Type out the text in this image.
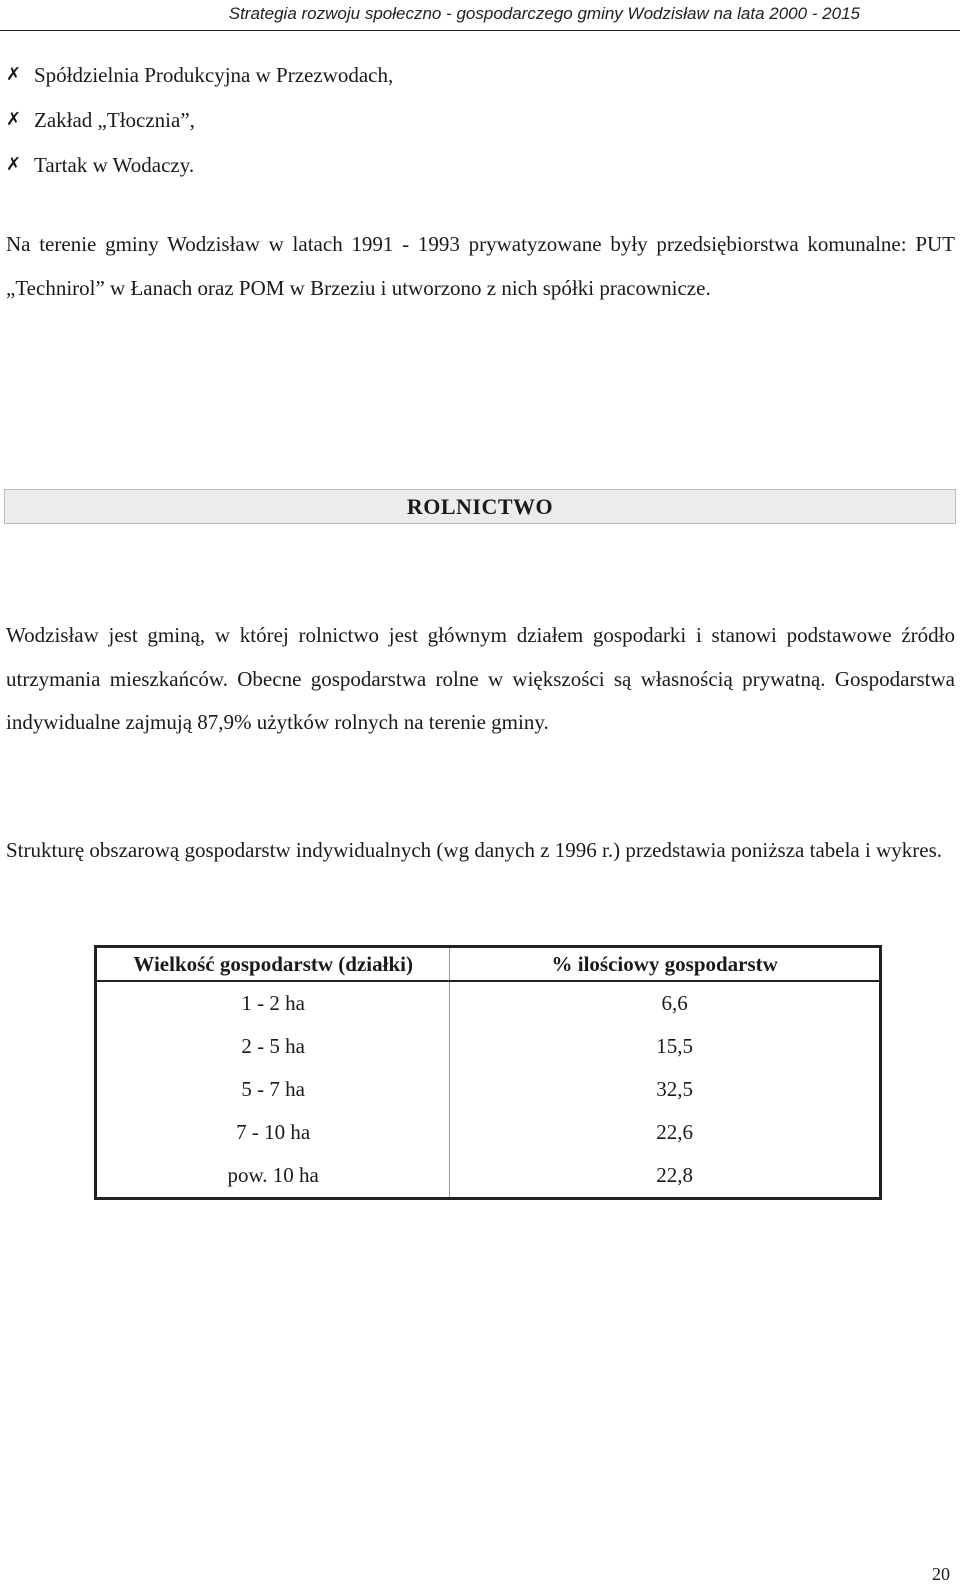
Strategia rozwoju społeczno - gospodarczego gminy Wodzisław na lata 2000 - 2015
✗ Spółdzielnia Produkcyjna w Przezwodach,
✗ Zakład „Tłocznia”,
✗ Tartak w Wodaczy.

Na terenie gminy Wodzisław w latach 1991 - 1993 prywatyzowane były przedsiębiorstwa komunalne: PUT „Technirol” w Łanach oraz POM w Brzeziu i utworzono z nich spółki pracownicze.

ROLNICTWO

Wodzisław jest gminą, w której rolnictwo jest głównym działem gospodarki i stanowi podstawowe źródło utrzymania mieszkańców. Obecne gospodarstwa rolne w większości są własnością prywatną. Gospodarstwa indywidualne zajmują 87,9% użytków rolnych na terenie gminy.

Strukturę obszarową gospodarstw indywidualnych (wg danych z 1996 r.) przedstawia poniższa tabela i wykres.

Wielkość gospodarstw (działki)	% ilościowy gospodarstw
1 - 2 ha	6,6
2 - 5 ha	15,5
5 - 7 ha	32,5
7 - 10 ha	22,6
pow. 10 ha	22,8
20
